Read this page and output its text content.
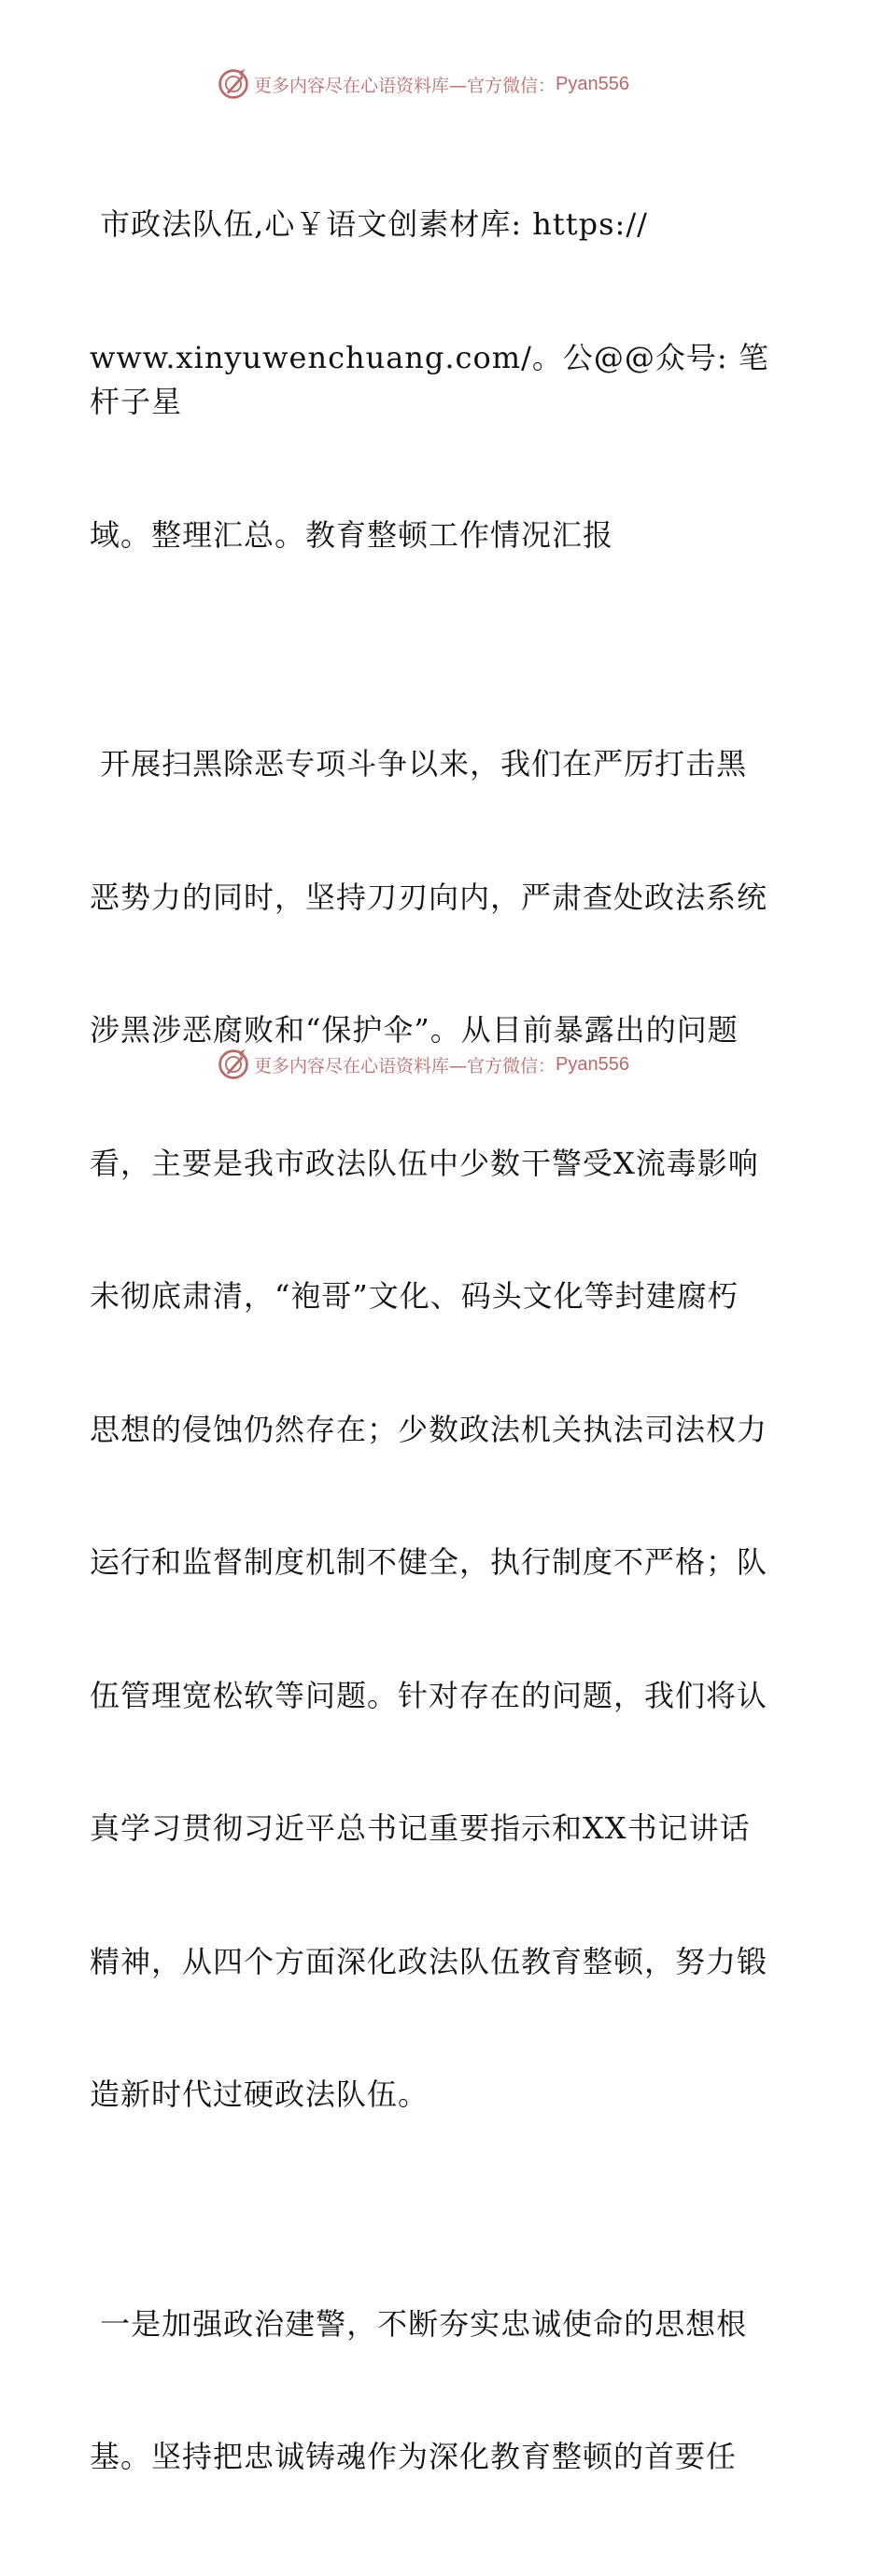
更多内容尽在心语资料库—官方微信： Pyan556

市政法队伍,心￥语文创素材库: https://

www.xinyuwenchuang.com/。公@@众号: 笔杆子星

域。整理汇总。教育整顿工作情况汇报

开展扫黑除恶专项斗争以来，我们在严厉打击黑

恶势力的同时，坚持刀刃向内，严肃查处政法系统

涉黑涉恶腐败和“保护伞”。从目前暴露出的问题

看，主要是我市政法队伍中少数干警受X流毒影响

未彻底肃清，“袍哥”文化、码头文化等封建腐朽

思想的侵蚀仍然存在；少数政法机关执法司法权力

运行和监督制度机制不健全，执行制度不严格；队

伍管理宽松软等问题。针对存在的问题，我们将认

真学习贯彻习近平总书记重要指示和XX书记讲话

精神，从四个方面深化政法队伍教育整顿，努力锻

造新时代过硬政法队伍。

一是加强政治建警，不断夯实忠诚使命的思想根

基。坚持把忠诚铸魂作为深化教育整顿的首要任

更多内容尽在心语资料库—官方微信： Pyan556
